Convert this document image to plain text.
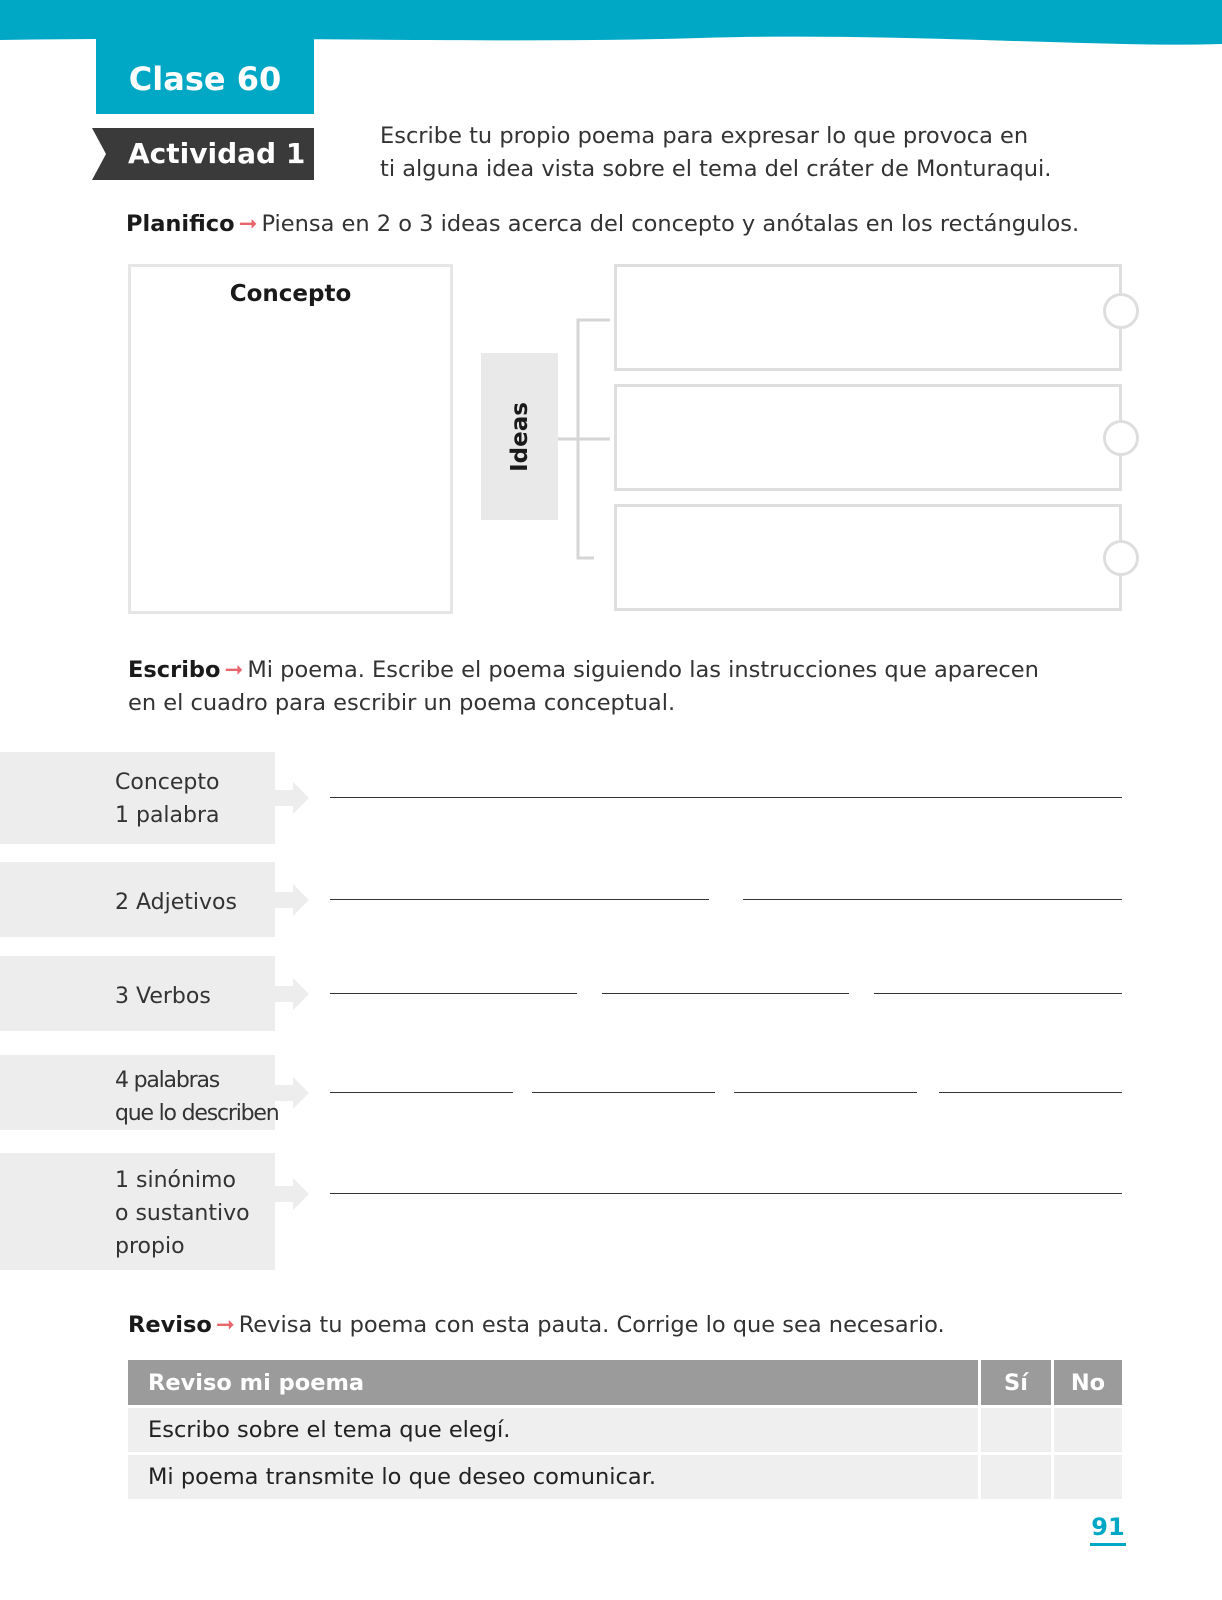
Clase 60
Actividad 1
Escribe tu propio poema para expresar lo que provoca en
ti alguna idea vista sobre el tema del cráter de Monturaqui.
Planifico ➞ Piensa en 2 o 3 ideas acerca del concepto y anótalas en los rectángulos.
Concepto
Ideas
Escribo ➞ Mi poema. Escribe el poema siguiendo las instrucciones que aparecen
en el cuadro para escribir un poema conceptual.
Concepto
1 palabra
2 Adjetivos
3 Verbos
4 palabras
que lo describen
1 sinónimo
o sustantivo
propio
Reviso ➞ Revisa tu poema con esta pauta. Corrige lo que sea necesario.
Reviso mi poema	Sí	No
Escribo sobre el tema que elegí.		
Mi poema transmite lo que deseo comunicar.		
91
